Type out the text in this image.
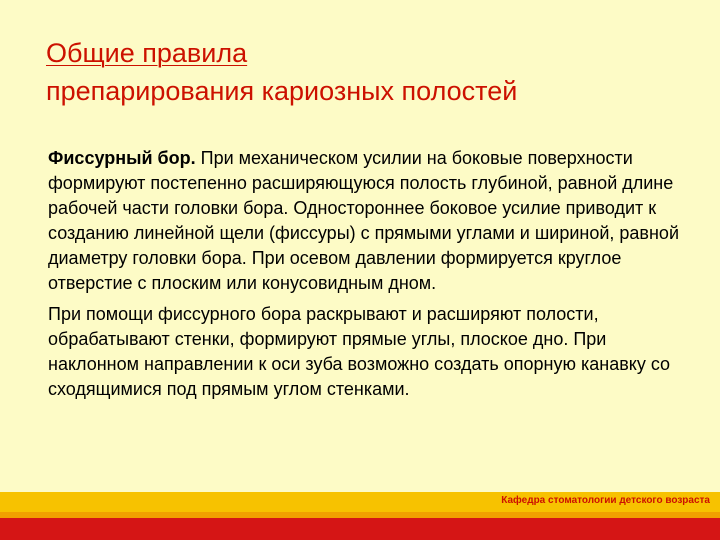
Общие правила
препарирования кариозных полостей

Фиссурный бор. При механическом усилии на боковые поверхности формируют постепенно расширяющуюся полость глубиной, равной длине рабочей части головки бора. Одностороннее боковое усилие приводит к созданию линейной щели (фиссуры) с прямыми углами и шириной, равной диаметру головки бора. При осевом давлении формируется круглое отверстие с плоским или конусовидным дном.

При помощи фиссурного бора раскрывают и расширяют полости, обрабатывают стенки, формируют прямые углы, плоское дно. При наклонном направлении к оси зуба возможно создать опорную канавку со сходящимися под прямым углом стенками.

Кафедра стоматологии детского возраста
